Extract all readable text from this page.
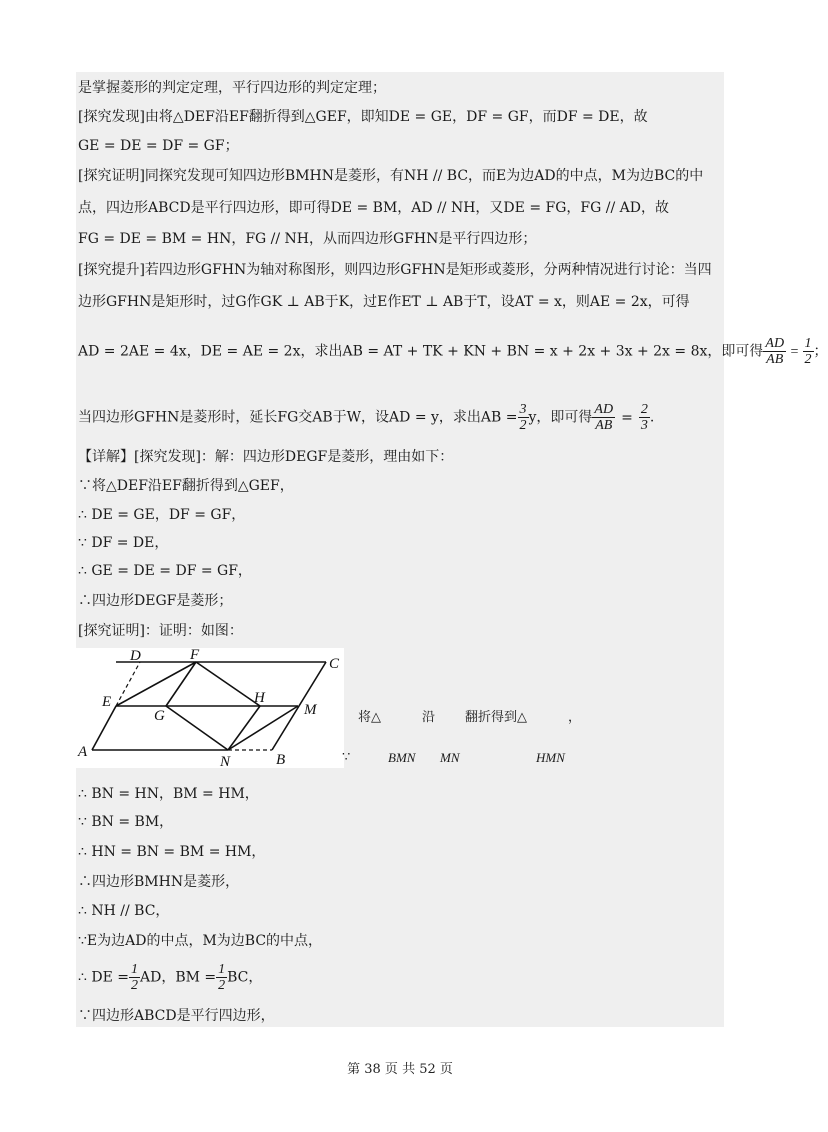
是掌握菱形的判定定理，平行四边形的判定定理；
[探究发现]由将△DEF沿EF翻折得到△GEF，即知DE = GE，DF = GF，而DF = DE，故
GE = DE = DF = GF；
[探究证明]同探究发现可知四边形BMHN是菱形，有NH // BC，而E为边AD的中点，M为边BC的中
点，四边形ABCD是平行四边形，即可得DE = BM，AD // NH，又DE = FG，FG // AD，故
FG = DE = BM = HN，FG // NH，从而四边形GFHN是平行四边形；
[探究提升]若四边形GFHN为轴对称图形，则四边形GFHN是矩形或菱形，分两种情况进行讨论：当四
边形GFHN是矩形时，过G作GK ⊥ AB于K，过E作ET ⊥ AB于T，设AT = x，则AE = 2x，可得
AD = 2AE = 4x，DE = AE = 2x，求出AB = AT + TK + KN + BN = x + 2x + 3x + 2x = 8x，即可得 $\frac{AD}{AB} = \frac{1}{2}$ ；
当四边形GFHN是菱形时，延长FG交AB于W，设AD = y，求出AB = $\frac{3}{2}$ y，即可得 $\frac{AD}{AB} = \frac{2}{3}$ .
【详解】[探究发现]：解：四边形DEGF是菱形，理由如下：
∵将△DEF沿EF翻折得到△GEF，
∴ DE = GE，DF = GF，
∵ DF = DE，
∴ GE = DE = DF = GF，
∴四边形DEGF是菱形；
[探究证明]：证明：如图：
D	F
C
E	H
M
G
A
N	B
将△	沿 翻折得到△	，
∵	BMN MN	HMN
∴ BN = HN，BM = HM，
∵ BN = BM，
∴ HN = BN = BM = HM，
∴四边形BMHN是菱形，
∴ NH // BC，
∵E为边AD的中点，M为边BC的中点，
∴ DE = $\frac{1}{2}$ AD，BM = $\frac{1}{2}$ BC，
∵四边形ABCD是平行四边形，
第 38 页 共 52 页
